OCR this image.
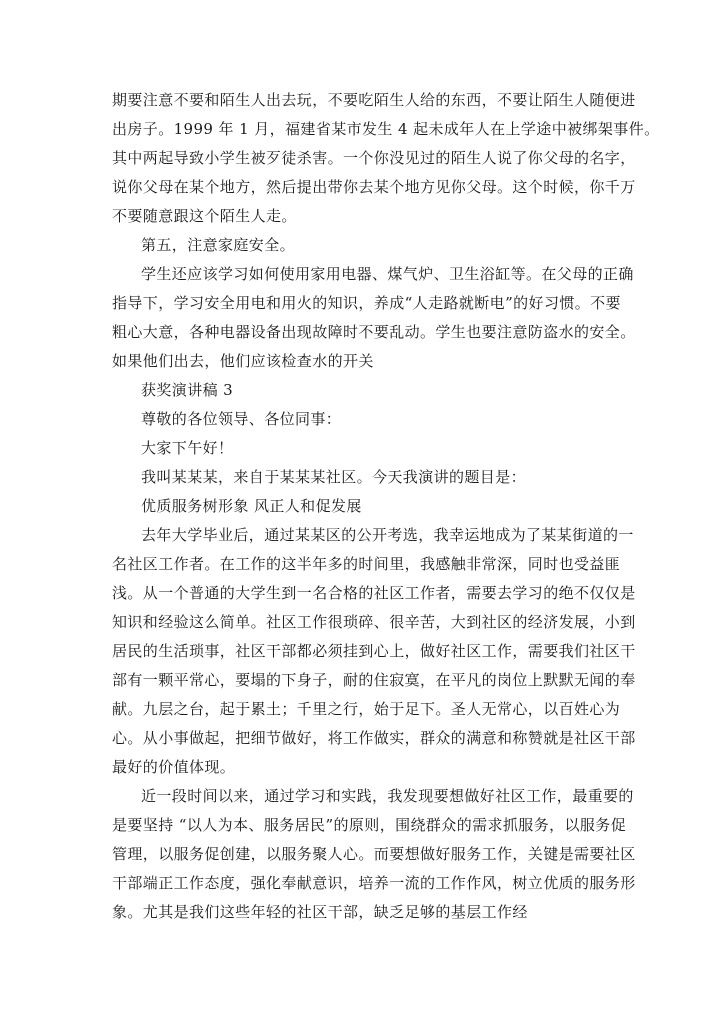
期要注意不要和陌生人出去玩，不要吃陌生人给的东西，不要让陌生人随便进
出房子。1999 年 1 月，福建省某市发生 4 起未成年人在上学途中被绑架事件。
其中两起导致小学生被歹徒杀害。一个你没见过的陌生人说了你父母的名字，
说你父母在某个地方，然后提出带你去某个地方见你父母。这个时候，你千万
不要随意跟这个陌生人走。

第五，注意家庭安全。

学生还应该学习如何使用家用电器、煤气炉、卫生浴缸等。在父母的正确
指导下，学习安全用电和用火的知识，养成“人走路就断电”的好习惯。不要
粗心大意，各种电器设备出现故障时不要乱动。学生也要注意防盗水的安全。
如果他们出去，他们应该检查水的开关

获奖演讲稿 3

尊敬的各位领导、各位同事：

大家下午好！

我叫某某某，来自于某某某社区。今天我演讲的题目是：

优质服务树形象 风正人和促发展

去年大学毕业后，通过某某区的公开考选，我幸运地成为了某某街道的一
名社区工作者。在工作的这半年多的时间里，我感触非常深，同时也受益匪
浅。从一个普通的大学生到一名合格的社区工作者，需要去学习的绝不仅仅是
知识和经验这么简单。社区工作很琐碎、很辛苦，大到社区的经济发展，小到
居民的生活琐事，社区干部都必须挂到心上，做好社区工作，需要我们社区干
部有一颗平常心，要塌的下身子，耐的住寂寞，在平凡的岗位上默默无闻的奉
献。九层之台，起于累土；千里之行，始于足下。圣人无常心，以百姓心为
心。从小事做起，把细节做好，将工作做实，群众的满意和称赞就是社区干部
最好的价值体现。

近一段时间以来，通过学习和实践，我发现要想做好社区工作，最重要的
是要坚持 “以人为本、服务居民”的原则，围绕群众的需求抓服务，以服务促
管理，以服务促创建，以服务聚人心。而要想做好服务工作，关键是需要社区
干部端正工作态度，强化奉献意识，培养一流的工作作风，树立优质的服务形
象。尤其是我们这些年轻的社区干部，缺乏足够的基层工作经
